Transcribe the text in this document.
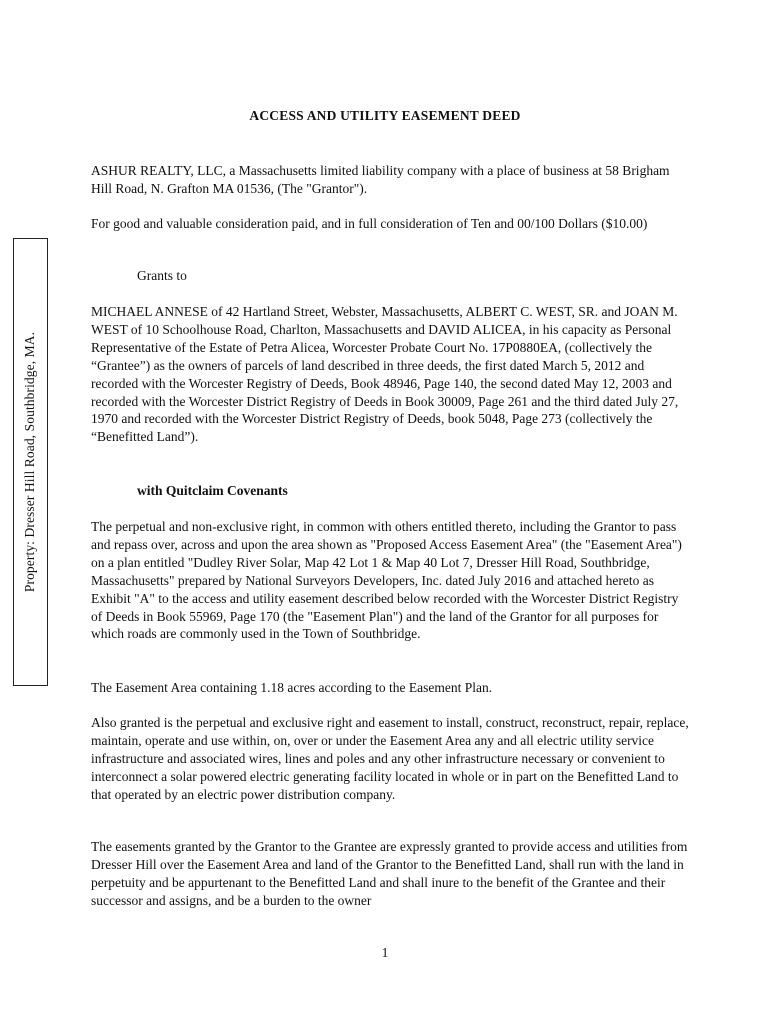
Property: Dresser Hill Road, Southbridge, MA.
ACCESS AND UTILITY EASEMENT DEED

ASHUR REALTY, LLC, a Massachusetts limited liability company with a place of business at 58 Brigham Hill Road, N. Grafton MA 01536, (The "Grantor").

For good and valuable consideration paid, and in full consideration of Ten and 00/100 Dollars ($10.00)

Grants to

MICHAEL ANNESE of 42 Hartland Street, Webster, Massachusetts, ALBERT C. WEST, SR. and JOAN M. WEST of 10 Schoolhouse Road, Charlton, Massachusetts and DAVID ALICEA, in his capacity as Personal Representative of the Estate of Petra Alicea, Worcester Probate Court No. 17P0880EA, (collectively the “Grantee”) as the owners of parcels of land described in three deeds, the first dated March 5, 2012 and recorded with the Worcester Registry of Deeds, Book 48946, Page 140, the second dated May 12, 2003 and recorded with the Worcester District Registry of Deeds in Book 30009, Page 261 and the third dated July 27, 1970 and recorded with the Worcester District Registry of Deeds, book 5048, Page 273 (collectively the “Benefitted Land”).

with Quitclaim Covenants

The perpetual and non-exclusive right, in common with others entitled thereto, including the Grantor to pass and repass over, across and upon the area shown as "Proposed Access Easement Area" (the "Easement Area") on a plan entitled "Dudley River Solar, Map 42 Lot 1 & Map 40 Lot 7, Dresser Hill Road, Southbridge, Massachusetts" prepared by National Surveyors Developers, Inc. dated July 2016 and attached hereto as Exhibit "A" to the access and utility easement described below recorded with the Worcester District Registry of Deeds in Book 55969, Page 170 (the "Easement Plan") and the land of the Grantor for all purposes for which roads are commonly used in the Town of Southbridge.

The Easement Area containing 1.18 acres according to the Easement Plan.

Also granted is the perpetual and exclusive right and easement to install, construct, reconstruct, repair, replace, maintain, operate and use within, on, over or under the Easement Area any and all electric utility service infrastructure and associated wires, lines and poles and any other infrastructure necessary or convenient to interconnect a solar powered electric generating facility located in whole or in part on the Benefitted Land to that operated by an electric power distribution company.

The easements granted by the Grantor to the Grantee are expressly granted to provide access and utilities from Dresser Hill over the Easement Area and land of the Grantor to the Benefitted Land, shall run with the land in perpetuity and be appurtenant to the Benefitted Land and shall inure to the benefit of the Grantee and their successor and assigns, and be a burden to the owner

1
